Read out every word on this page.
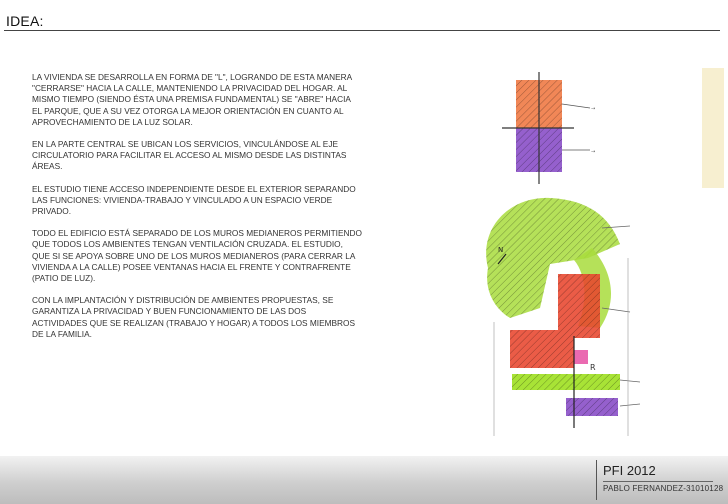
IDEA:

LA VIVIENDA SE DESARROLLA EN FORMA DE "L", LOGRANDO DE ESTA MANERA "CERRARSE" HACIA LA CALLE, MANTENIENDO LA PRIVACIDAD DEL HOGAR. AL MISMO TIEMPO (SIENDO ÉSTA UNA PREMISA FUNDAMENTAL) SE "ABRE" HACIA EL PARQUE, QUE A SU VEZ OTORGA LA MEJOR ORIENTACIÓN EN CUANTO AL APROVECHAMIENTO DE LA LUZ SOLAR.

EN LA PARTE CENTRAL SE UBICAN LOS SERVICIOS, VINCULÁNDOSE AL EJE CIRCULATORIO PARA FACILITAR EL ACCESO AL MISMO DESDE LAS DISTINTAS ÁREAS.

EL ESTUDIO TIENE ACCESO INDEPENDIENTE DESDE EL EXTERIOR SEPARANDO LAS FUNCIONES: VIVIENDA-TRABAJO Y VINCULADO A UN ESPACIO VERDE PRIVADO.

TODO EL EDIFICIO ESTÁ SEPARADO DE LOS MUROS MEDIANEROS PERMITIENDO QUE TODOS LOS AMBIENTES TENGAN VENTILACIÓN CRUZADA. EL ESTUDIO, QUE SI SE APOYA SOBRE UNO DE LOS MUROS MEDIANEROS (PARA CERRAR LA VIVIENDA A LA CALLE) POSEE VENTANAS HACIA EL FRENTE Y CONTRAFRENTE (PATIO DE LUZ).

CON LA IMPLANTACIÓN Y DISTRIBUCIÓN DE AMBIENTES PROPUESTAS, SE GARANTIZA LA PRIVACIDAD Y BUEN FUNCIONAMIENTO DE LAS DOS ACTIVIDADES QUE SE REALIZAN (TRABAJO Y HOGAR) A TODOS LOS MIEMBROS DE LA FAMILIA.

→
→
R
N
PFI 2012
PABLO FERNANDEZ-31010128
